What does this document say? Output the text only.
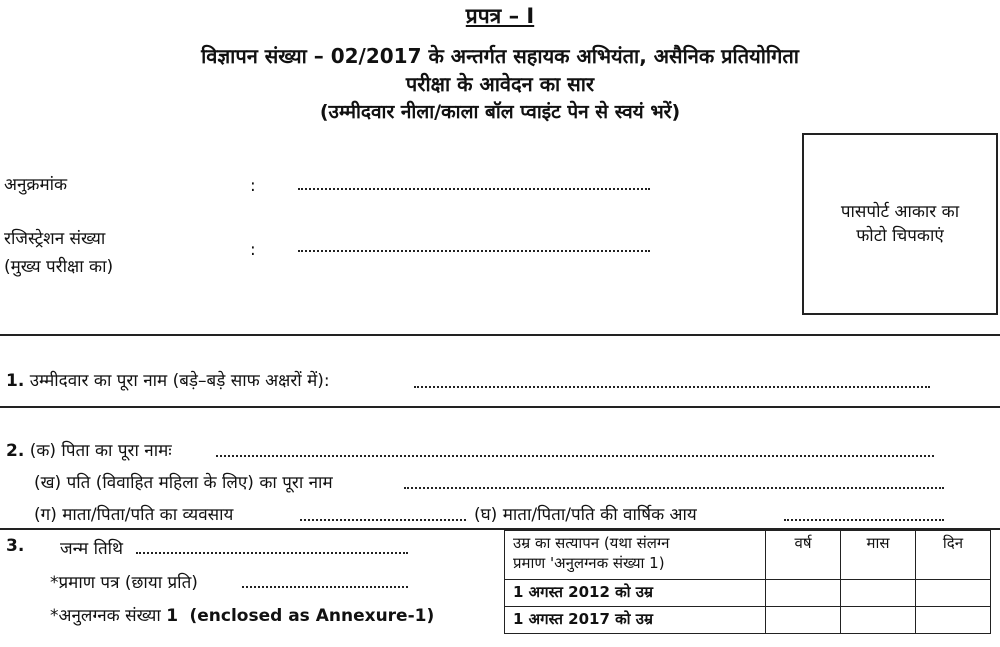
प्रपत्र – I
विज्ञापन संख्या – 02/2017 के अन्तर्गत सहायक अभियंता, असैनिक प्रतियोगिता
परीक्षा के आवेदन का सार
(उम्मीदवार नीला/काला बॉल प्वाइंट पेन से स्वयं भरें)
अनुक्रमांक	:
रजिस्ट्रेशन संख्या
(मुख्य परीक्षा का)
:
पासपोर्ट आकार का
फोटो चिपकाएं
1. उम्मीदवार का पूरा नाम (बड़े–बड़े साफ अक्षरों में):
2. (क) पिता का पूरा नामः
(ख) पति (विवाहित महिला के लिए) का पूरा नाम
(ग) माता/पिता/पति का व्यवसाय	(घ) माता/पिता/पति की वार्षिक आय
3. जन्म तिथि
*प्रमाण पत्र (छाया प्रति)
*अनुलग्नक संख्या 1 (enclosed as Annexure-1)
उम्र का सत्यापन (यथा संलग्न
प्रमाण 'अनुलग्नक संख्या 1)	वर्ष	मास	दिन
1 अगस्त 2012 को उम्र			
1 अगस्त 2017 को उम्र			
